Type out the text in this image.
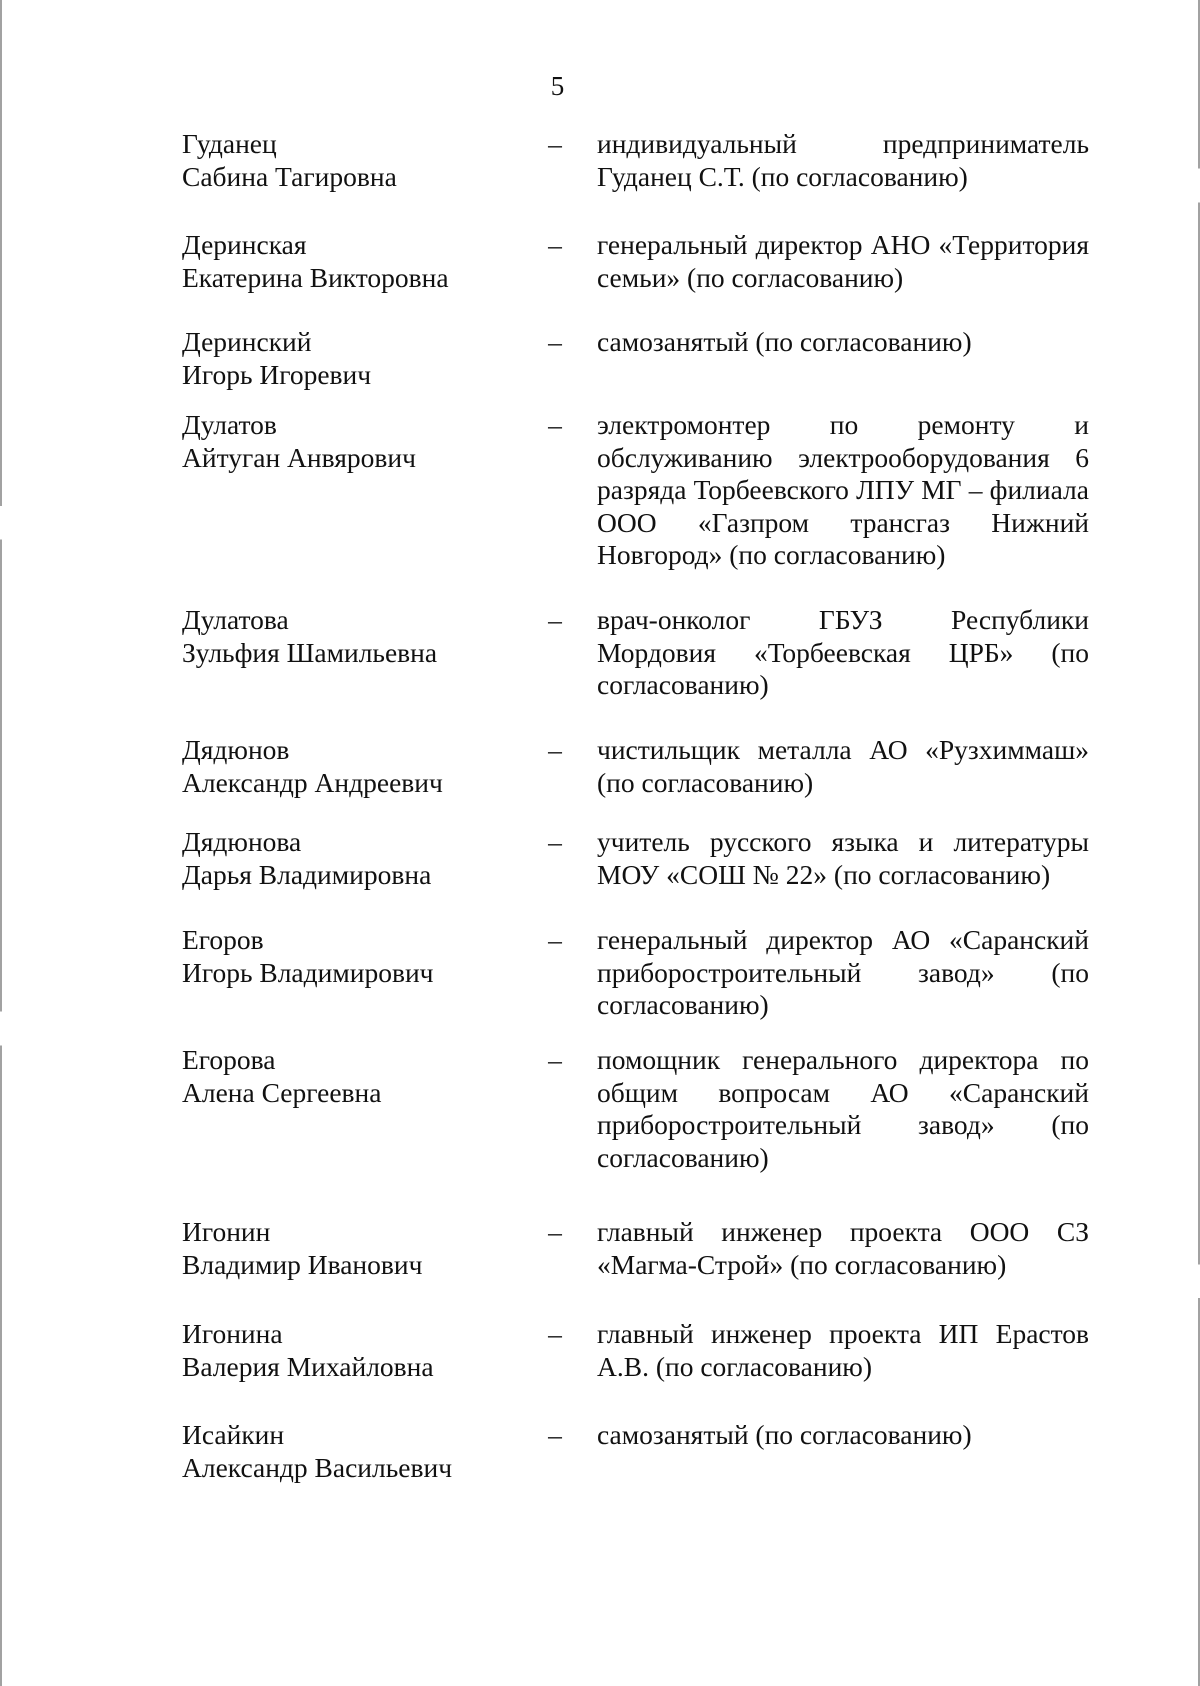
5
Гуданец
Сабина Тагировна
– индивидуальный предприниматель Гуданец С.Т. (по согласованию)
Деринская
Екатерина Викторовна
– генеральный директор АНО «Территория семьи» (по согласованию)
Деринский
Игорь Игоревич
– самозанятый (по согласованию)
Дулатов
Айтуган Анвярович
– электромонтер по ремонту и обслуживанию электрооборудования 6 разряда Торбеевского ЛПУ МГ – филиала ООО «Газпром трансгаз Нижний Новгород» (по согласованию)
Дулатова
Зульфия Шамильевна
– врач-онколог ГБУЗ Республики Мордовия «Торбеевская ЦРБ» (по согласованию)
Дядюнов
Александр Андреевич
– чистильщик металла АО «Рузхиммаш» (по согласованию)
Дядюнова
Дарья Владимировна
– учитель русского языка и литературы МОУ «СОШ № 22» (по согласованию)
Егоров
Игорь Владимирович
– генеральный директор АО «Саранский приборостроительный завод» (по согласованию)
Егорова
Алена Сергеевна
– помощник генерального директора по общим вопросам АО «Саранский приборостроительный завод» (по согласованию)
Игонин
Владимир Иванович
– главный инженер проекта ООО СЗ «Магма-Строй» (по согласованию)
Игонина
Валерия Михайловна
– главный инженер проекта ИП Ерастов А.В. (по согласованию)
Исайкин
Александр Васильевич
– самозанятый (по согласованию)
